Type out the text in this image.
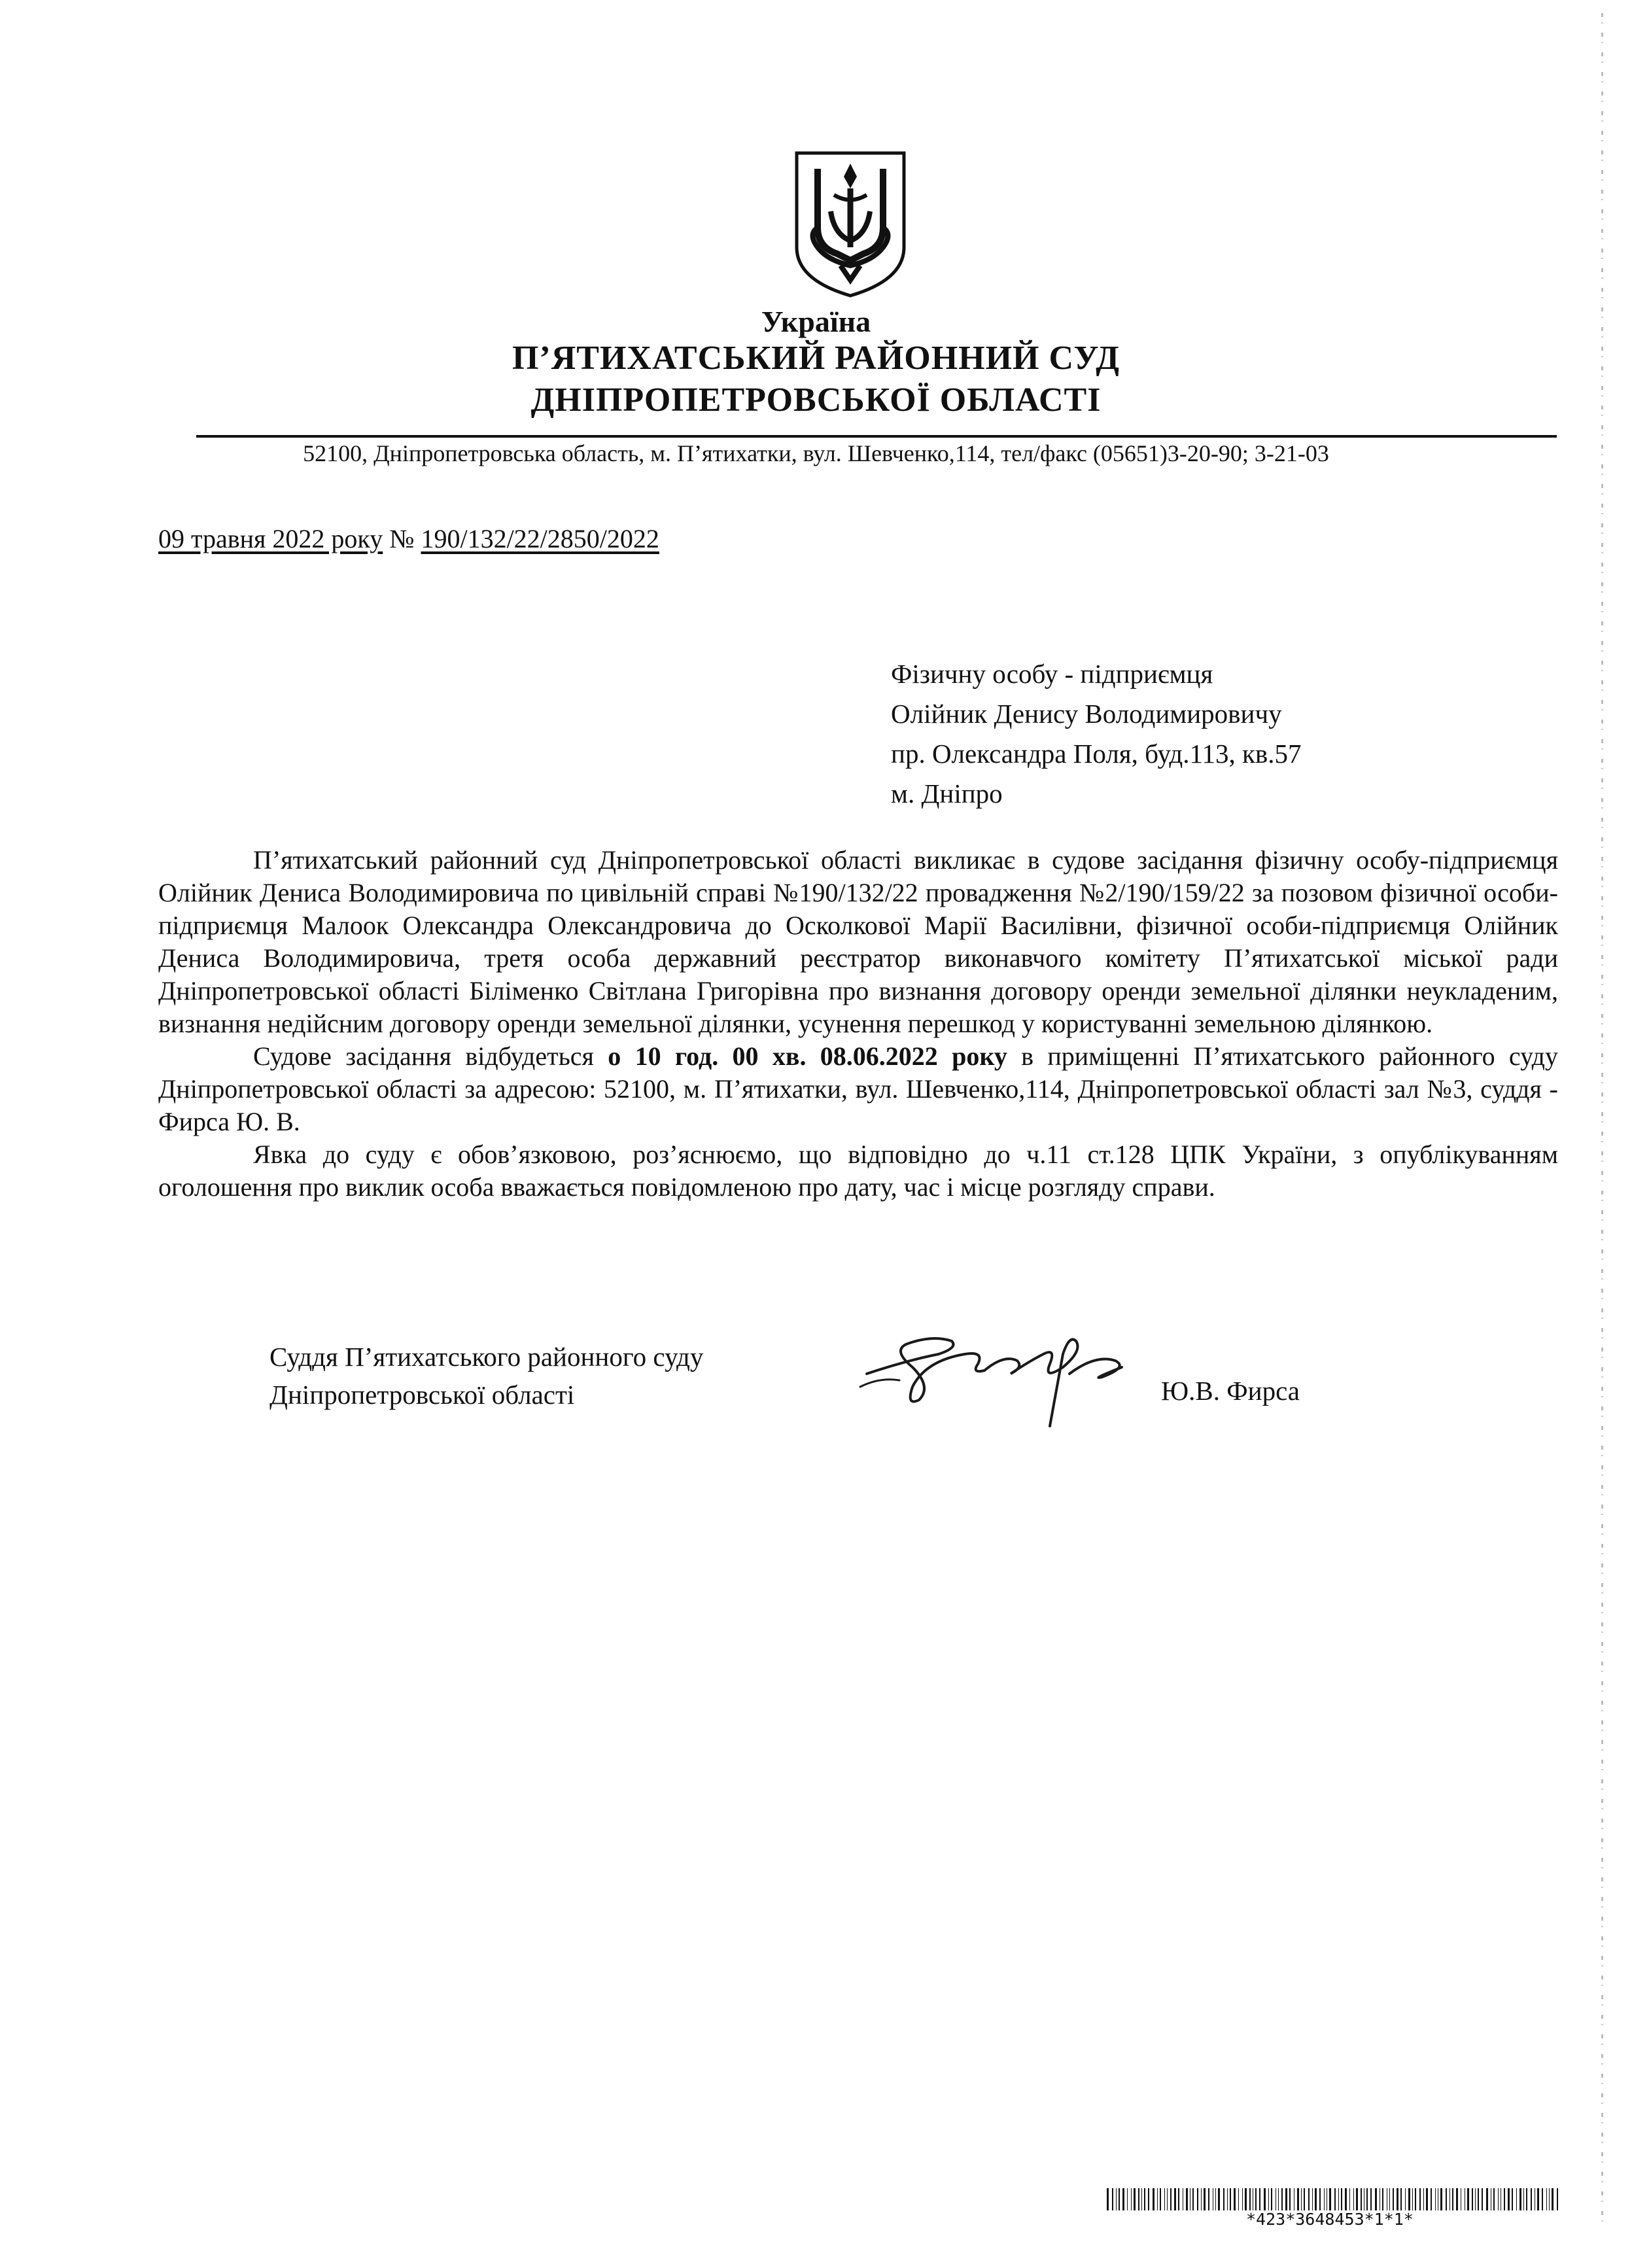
Україна
П’ЯТИХАТСЬКИЙ РАЙОННИЙ СУД
ДНІПРОПЕТРОВСЬКОЇ ОБЛАСТІ
52100, Дніпропетровська область, м. П’ятихатки, вул. Шевченко,114, тел/факс (05651)3-20-90; 3-21-03
09 травня 2022 року № 190/132/22/2850/2022
Фізичну особу - підприємця
Олійник Денису Володимировичу
пр. Олександра Поля, буд.113, кв.57
м. Дніпро

П’ятихатський районний суд Дніпропетровської області викликає в судове засідання фізичну особу-підприємця Олійник Дениса Володимировича по цивільній справі №190/132/22 провадження №2/190/159/22 за позовом фізичної особи-підприємця Малоок Олександра Олександровича до Осколкової Марії Василівни, фізичної особи-підприємця Олійник Дениса Володимировича, третя особа державний реєстратор виконавчого комітету П’ятихатської міської ради Дніпропетровської області Біліменко Світлана Григорівна про визнання договору оренди земельної ділянки неукладеним, визнання недійсним договору оренди земельної ділянки, усунення перешкод у користуванні земельною ділянкою.

Судове засідання відбудеться о 10 год. 00 хв. 08.06.2022 року в приміщенні П’ятихатського районного суду Дніпропетровської області за адресою: 52100, м. П’ятихатки, вул. Шевченко,114, Дніпропетровської області зал №3, суддя - Фирса Ю. В.

Явка до суду є обов’язковою, роз’яснюємо, що відповідно до ч.11 ст.128 ЦПК України, з опублікуванням оголошення про виклик особа вважається повідомленою про дату, час і місце розгляду справи.

Суддя П’ятихатського районного суду
Дніпропетровської області	Ю.В. Фирса
*423*3648453*1*1*
